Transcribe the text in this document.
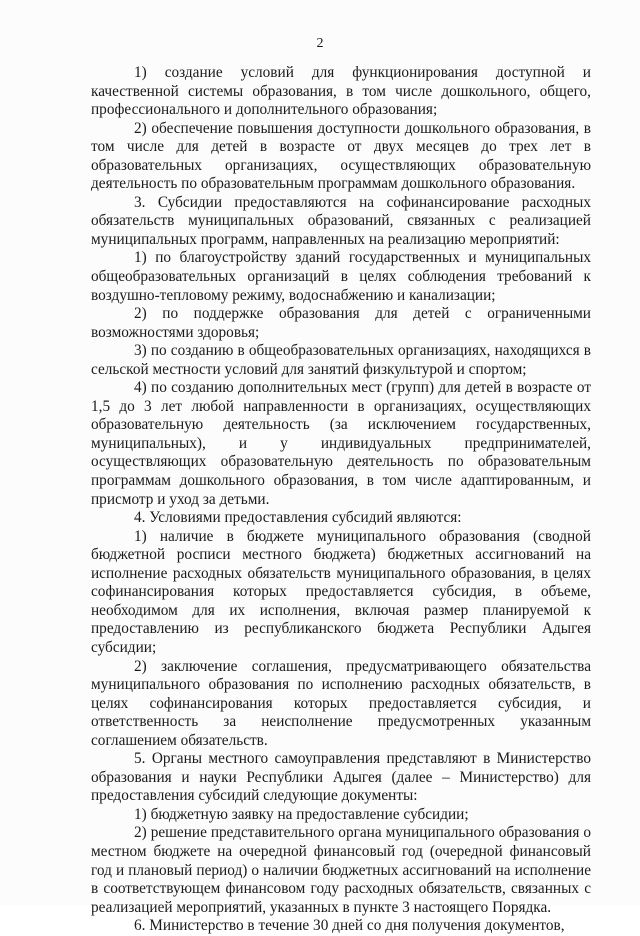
2

1) создание условий для функционирования доступной и качественной системы образования, в том числе дошкольного, общего, профессионального и дополнительного образования;

2) обеспечение повышения доступности дошкольного образования, в том числе для детей в возрасте от двух месяцев до трех лет в образовательных организациях, осуществляющих образовательную деятельность по образовательным программам дошкольного образования.

3. Субсидии предоставляются на софинансирование расходных обязательств муниципальных образований, связанных с реализацией муниципальных программ, направленных на реализацию мероприятий:

1) по благоустройству зданий государственных и муниципальных общеобразовательных организаций в целях соблюдения требований к воздушно-тепловому режиму, водоснабжению и канализации;

2) по поддержке образования для детей с ограниченными возможностями здоровья;

3) по созданию в общеобразовательных организациях, находящихся в сельской местности условий для занятий физкультурой и спортом;

4) по созданию дополнительных мест (групп) для детей в возрасте от 1,5 до 3 лет любой направленности в организациях, осуществляющих образовательную деятельность (за исключением государственных, муниципальных), и у индивидуальных предпринимателей, осуществляющих образовательную деятельность по образовательным программам дошкольного образования, в том числе адаптированным, и присмотр и уход за детьми.

4. Условиями предоставления субсидий являются:

1) наличие в бюджете муниципального образования (сводной бюджетной росписи местного бюджета) бюджетных ассигнований на исполнение расходных обязательств муниципального образования, в целях софинансирования которых предоставляется субсидия, в объеме, необходимом для их исполнения, включая размер планируемой к предоставлению из республиканского бюджета Республики Адыгея субсидии;

2) заключение соглашения, предусматривающего обязательства муниципального образования по исполнению расходных обязательств, в целях софинансирования которых предоставляется субсидия, и ответственность за неисполнение предусмотренных указанным соглашением обязательств.

5. Органы местного самоуправления представляют в Министерство образования и науки Республики Адыгея (далее – Министерство) для предоставления субсидий следующие документы:

1) бюджетную заявку на предоставление субсидии;

2) решение представительного органа муниципального образования о местном бюджете на очередной финансовый год (очередной финансовый год и плановый период) о наличии бюджетных ассигнований на исполнение в соответствующем финансовом году расходных обязательств, связанных с реализацией мероприятий, указанных в пункте 3 настоящего Порядка.

6. Министерство в течение 30 дней со дня получения документов,
